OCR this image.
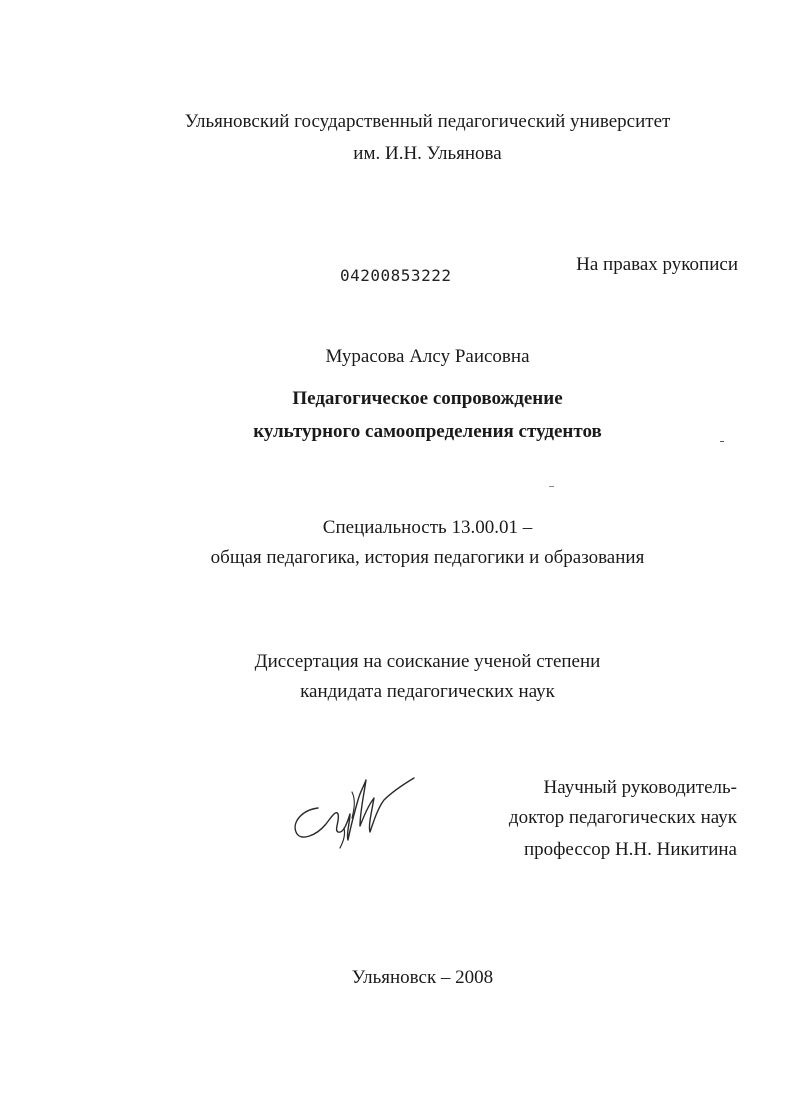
Ульяновский государственный педагогический университет
им. И.Н. Ульянова
04200853222
На правах рукописи
Мурасова Алсу Раисовна
Педагогическое сопровождение
культурного самоопределения студентов
Специальность 13.00.01 –
общая педагогика, история педагогики и образования
Диссертация на соискание ученой степени
кандидата педагогических наук
Научный руководитель-
доктор педагогических наук
профессор Н.Н. Никитина
Ульяновск – 2008
